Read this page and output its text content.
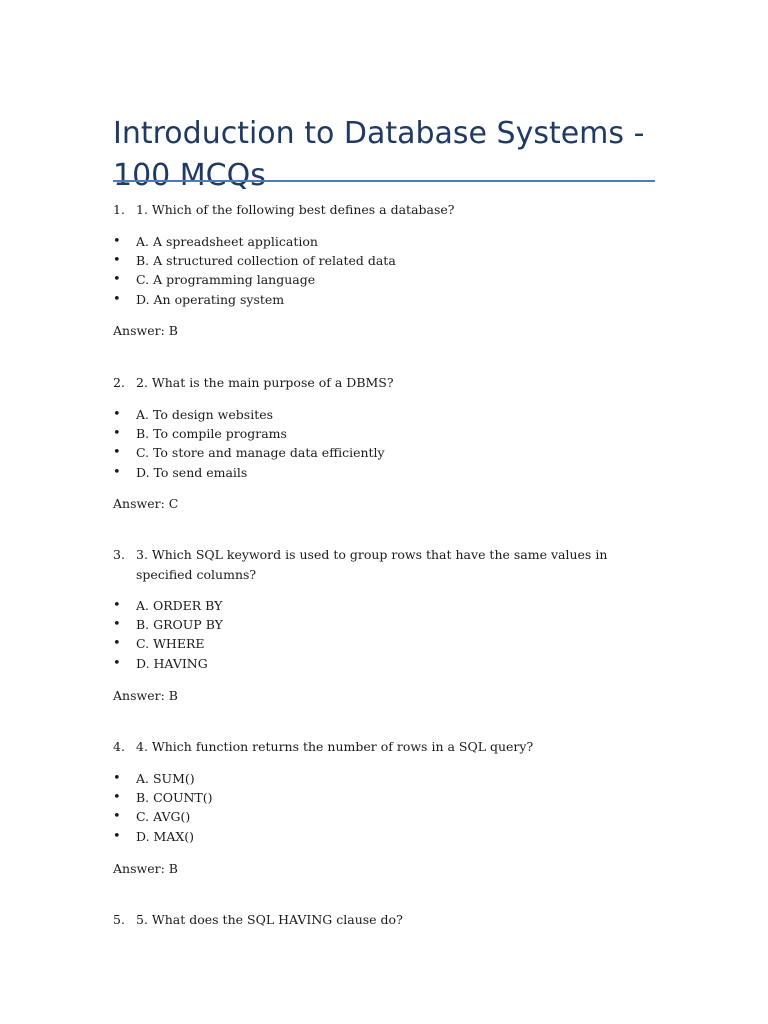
Introduction to Database Systems - 100 MCQs
1. 1. Which of the following best defines a database?
• A. A spreadsheet application
• B. A structured collection of related data
• C. A programming language
• D. An operating system
Answer: B
2. 2. What is the main purpose of a DBMS?
• A. To design websites
• B. To compile programs
• C. To store and manage data efficiently
• D. To send emails
Answer: C
3. 3. Which SQL keyword is used to group rows that have the same values in specified columns?
• A. ORDER BY
• B. GROUP BY
• C. WHERE
• D. HAVING
Answer: B
4. 4. Which function returns the number of rows in a SQL query?
• A. SUM()
• B. COUNT()
• C. AVG()
• D. MAX()
Answer: B
5. 5. What does the SQL HAVING clause do?
